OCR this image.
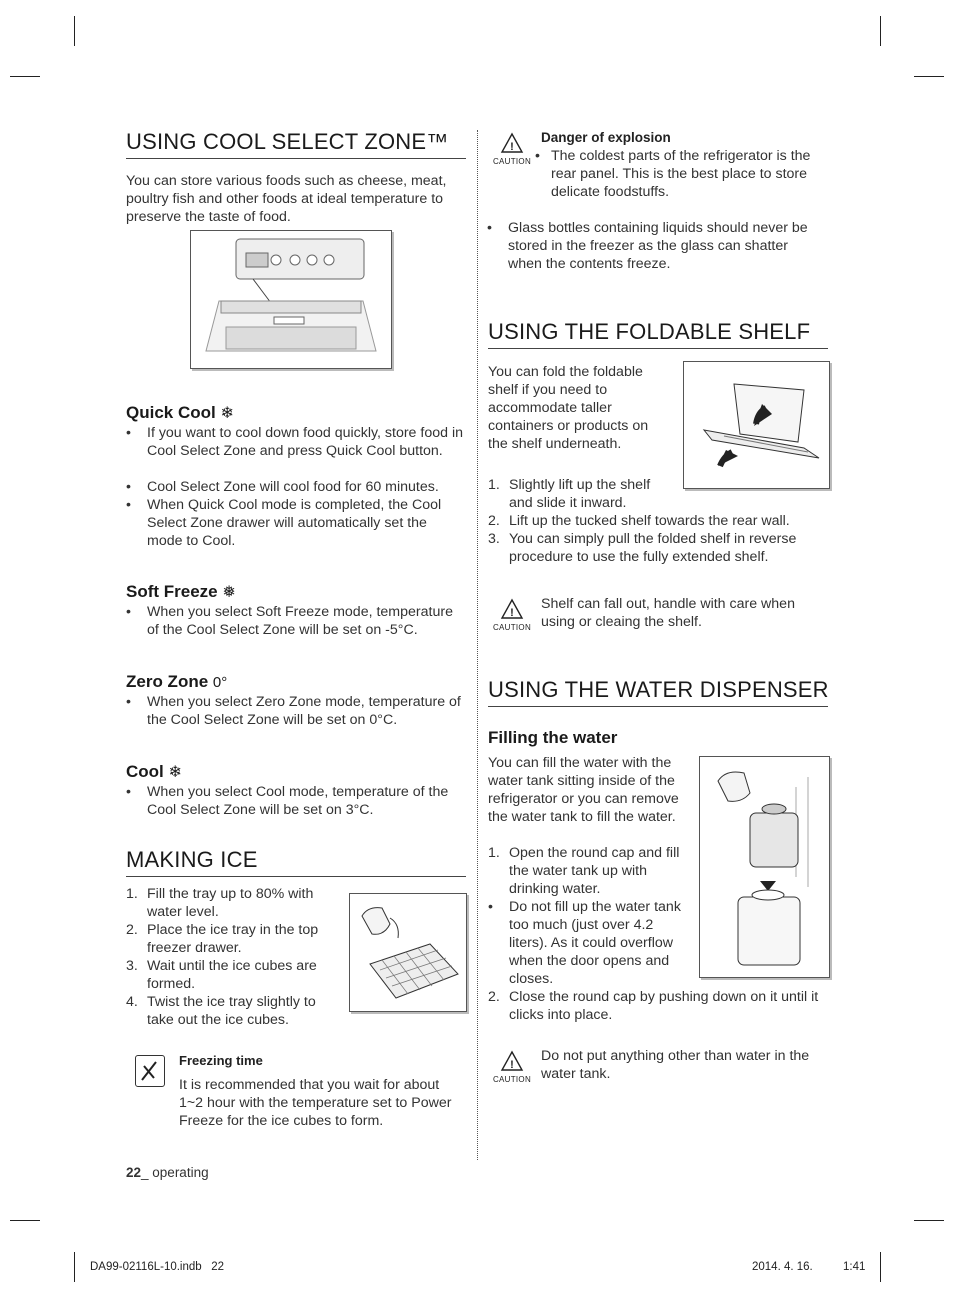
USING COOL SELECT ZONE™
You can store various foods such as cheese, meat, poultry fish and other foods at ideal temperature to preserve the taste of food.
Quick Cool ❄
• If you want to cool down food quickly, store food in Cool Select Zone and press Quick Cool button.
• Cool Select Zone will cool food for 60 minutes.
• When Quick Cool mode is completed, the Cool Select Zone drawer will automatically set the mode to Cool.
Soft Freeze ❅
• When you select Soft Freeze mode, temperature of the Cool Select Zone will be set on -5°C.
Zero Zone 0°
• When you select Zero Zone mode, temperature of the Cool Select Zone will be set on 0°C.
Cool ❄
• When you select Cool mode, temperature of the Cool Select Zone will be set on 3°C.
MAKING ICE
1. Fill the tray up to 80% with water level.
2. Place the ice tray in the top freezer drawer.
3. Wait until the ice cubes are formed.
4. Twist the ice tray slightly to take out the ice cubes.
Freezing time
It is recommended that you wait for about 1~2 hour with the temperature set to Power Freeze for the ice cubes to form.
22_ operating
!
CAUTION
Danger of explosion
• The coldest parts of the refrigerator is the rear panel. This is the best place to store delicate foodstuffs.
• Glass bottles containing liquids should never be stored in the freezer as the glass can shatter when the contents freeze.
USING THE FOLDABLE SHELF
You can fold the foldable shelf if you need to accommodate taller containers or products on the shelf underneath.
1. Slightly lift up the shelf and slide it inward.
2. Lift up the tucked shelf towards the rear wall.
3. You can simply pull the folded shelf in reverse procedure to use the fully extended shelf.
!
CAUTION
Shelf can fall out, handle with care when using or cleaing the shelf.
USING THE WATER DISPENSER
Filling the water
You can fill the water with the water tank sitting inside of the refrigerator or you can remove the water tank to fill the water.
1. Open the round cap and fill the water tank up with drinking water.
• Do not fill up the water tank too much (just over 4.2 liters). As it could overflow when the door opens and closes.
2. Close the round cap by pushing down on it until it clicks into place.
!
CAUTION
Do not put anything other than water in the water tank.
DA99-02116L-10.indb   22	2014. 4. 16.	1:41
